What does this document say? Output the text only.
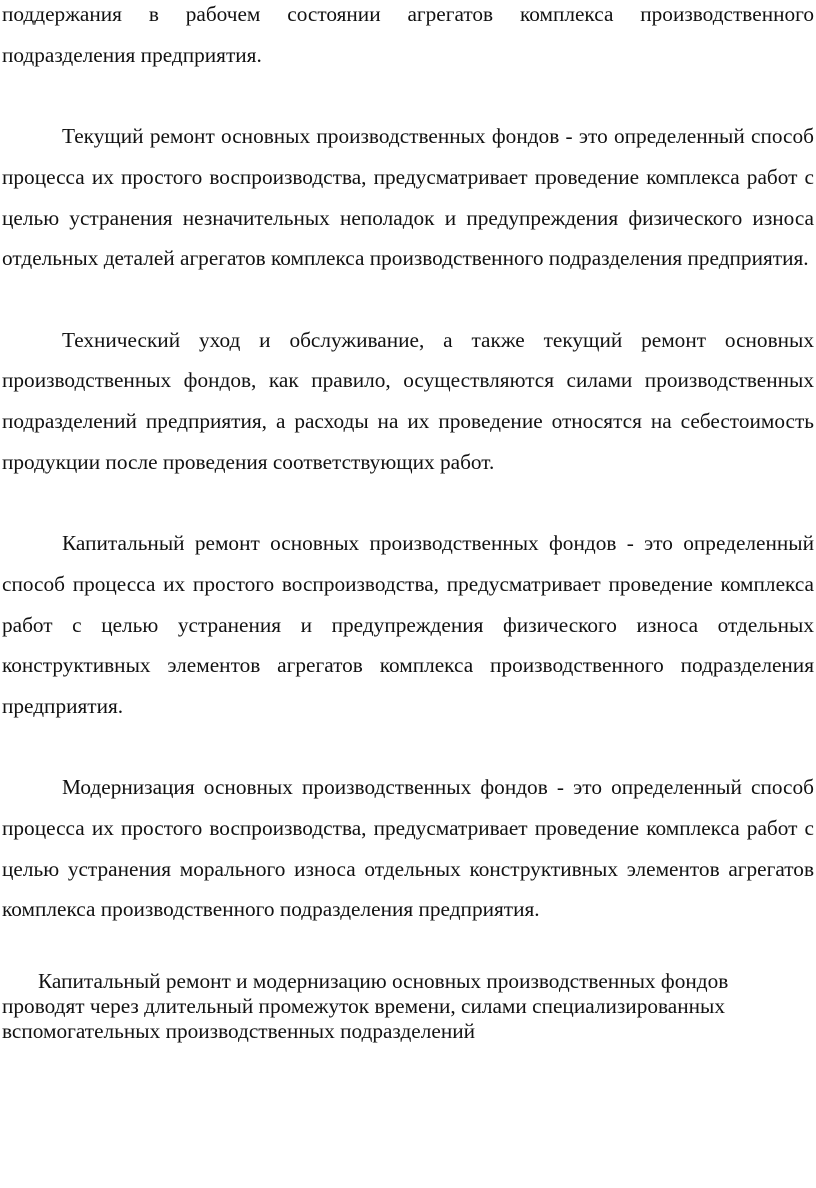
поддержания в рабочем состоянии агрегатов комплекса производственного подразделения предприятия.

Текущий ремонт основных производственных фондов - это определенный способ процесса их простого воспроизводства, предусматривает проведение комплекса работ с целью устранения незначительных неполадок и предупреждения физического износа отдельных деталей агрегатов комплекса производственного подразделения предприятия.

Технический уход и обслуживание, а также текущий ремонт основных производственных фондов, как правило, осуществляются силами производственных подразделений предприятия, а расходы на их проведение относятся на себестоимость продукции после проведения соответствующих работ.

Капитальный ремонт основных производственных фондов - это определенный способ процесса их простого воспроизводства, предусматривает проведение комплекса работ с целью устранения и предупреждения физического износа отдельных конструктивных элементов агрегатов комплекса производственного подразделения предприятия.

Модернизация основных производственных фондов - это определенный способ процесса их простого воспроизводства, предусматривает проведение комплекса работ с целью устранения морального износа отдельных конструктивных элементов агрегатов комплекса производственного подразделения предприятия.

Капитальный ремонт и модернизацию основных производственных фондов проводят через длительный промежуток времени, силами специализированных вспомогательных производственных подразделений
